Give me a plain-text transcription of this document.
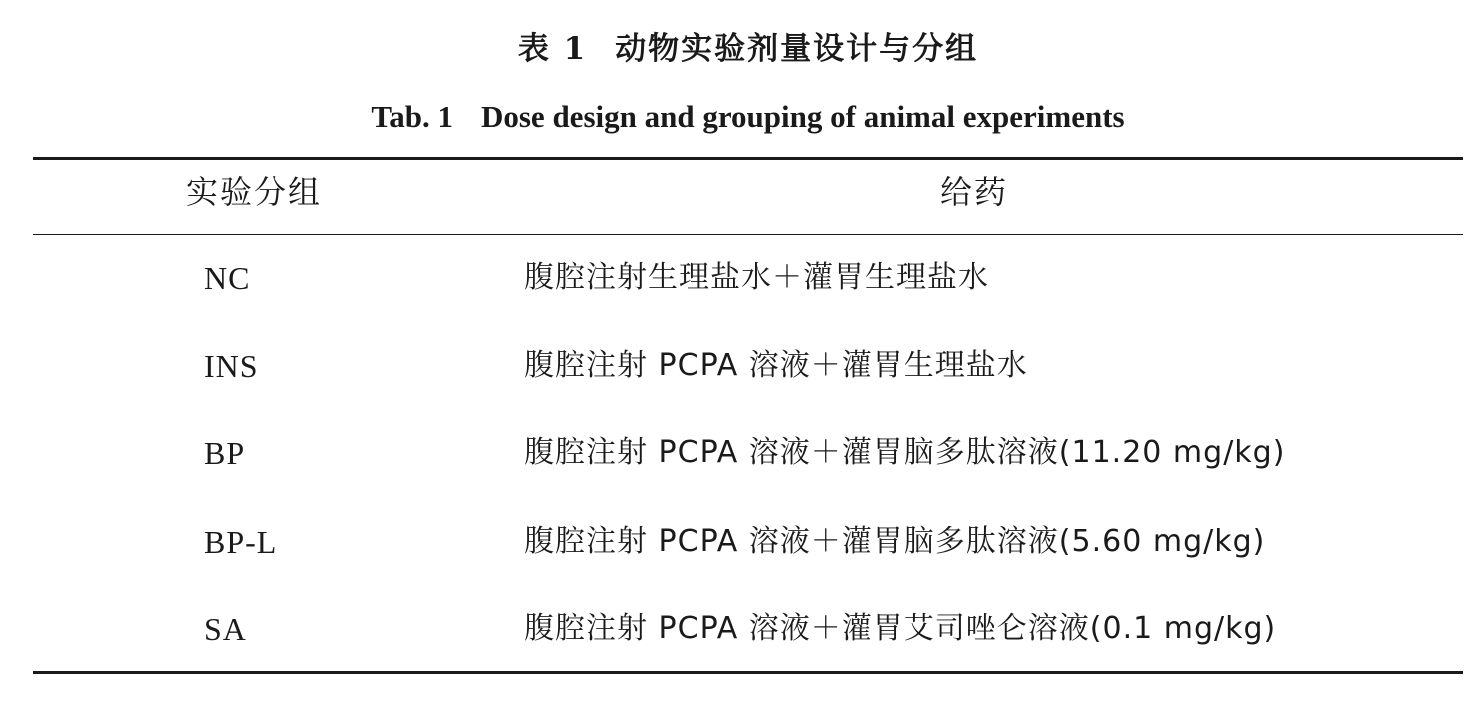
表 1 动物实验剂量设计与分组
Tab. 1 Dose design and grouping of animal experiments
实验分组	给药
NC	腹腔注射生理盐水＋灌胃生理盐水
INS	腹腔注射 PCPA 溶液＋灌胃生理盐水
BP	腹腔注射 PCPA 溶液＋灌胃脑多肽溶液(11.20 mg/kg)
BP-L	腹腔注射 PCPA 溶液＋灌胃脑多肽溶液(5.60 mg/kg)
SA	腹腔注射 PCPA 溶液＋灌胃艾司唑仑溶液(0.1 mg/kg)
